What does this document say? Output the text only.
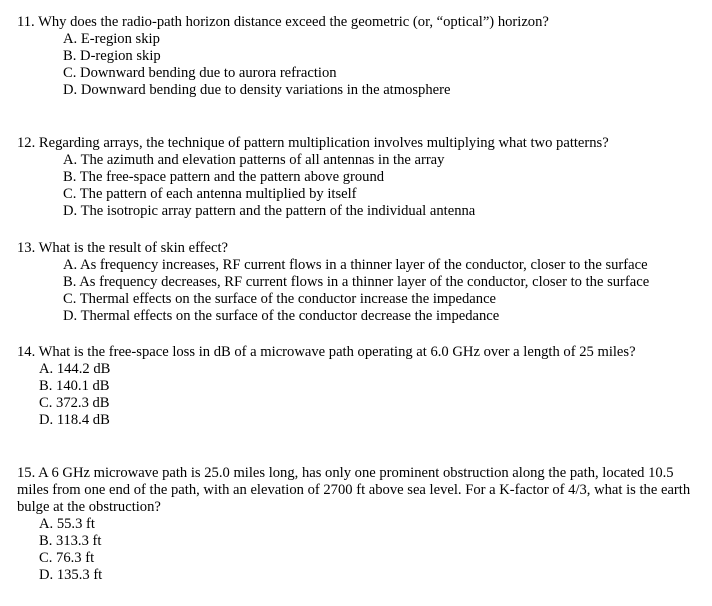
11. Why does the radio-path horizon distance exceed the geometric (or, “optical”) horizon?
A. E-region skip
B. D-region skip
C. Downward bending due to aurora refraction
D. Downward bending due to density variations in the atmosphere
12. Regarding arrays, the technique of pattern multiplication involves multiplying what two patterns?
A. The azimuth and elevation patterns of all antennas in the array
B. The free-space pattern and the pattern above ground
C. The pattern of each antenna multiplied by itself
D. The isotropic array pattern and the pattern of the individual antenna
13. What is the result of skin effect?
A. As frequency increases, RF current flows in a thinner layer of the conductor, closer to the surface
B. As frequency decreases, RF current flows in a thinner layer of the conductor, closer to the surface
C. Thermal effects on the surface of the conductor increase the impedance
D. Thermal effects on the surface of the conductor decrease the impedance
14. What is the free-space loss in dB of a microwave path operating at 6.0 GHz over a length of 25 miles?
A. 144.2 dB
B. 140.1 dB
C. 372.3 dB
D. 118.4 dB
15. A 6 GHz microwave path is 25.0 miles long, has only one prominent obstruction along the path, located 10.5 miles from one end of the path, with an elevation of 2700 ft above sea level. For a K-factor of 4/3, what is the earth bulge at the obstruction?
A. 55.3 ft
B. 313.3 ft
C. 76.3 ft
D. 135.3 ft
